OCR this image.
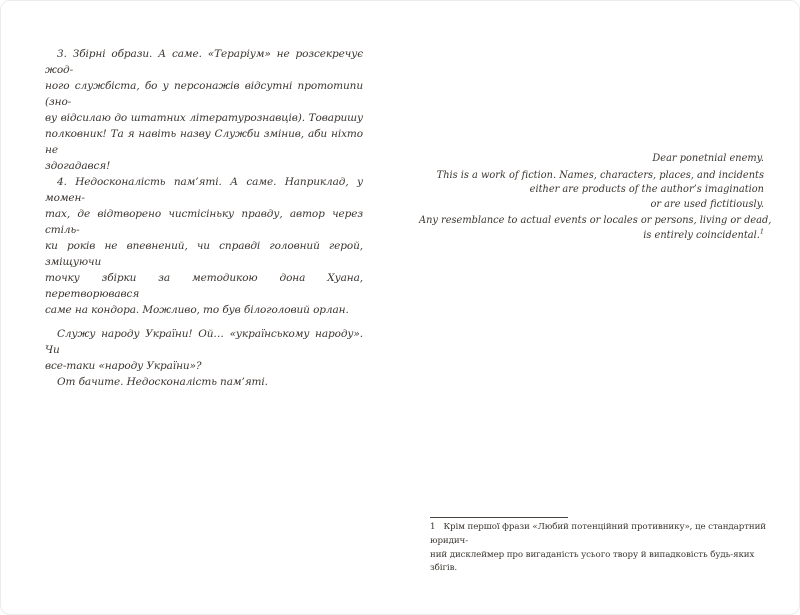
3. Збірні образи. А саме. «Тераріум» не розсекречує жод-
ного службіста, бо у персонажів відсутні прототипи (зно-
ву відсилаю до штатних літературознавців). Товаришу
полковник! Та я навіть назву Служби змінив, аби ніхто не
здогадався!
4. Недосконалість пам’яті. А саме. Наприклад, у момен-
тах, де відтворено чистісіньку правду, автор через стіль-
ки років не впевнений, чи справді головний герой, зміщуючи
точку збірки за методикою дона Хуана, перетворювався
саме на кондора. Можливо, то був білоголовий орлан.
Служу народу України! Ой… «українському народу». Чи
все-таки «народу України»?
От бачите. Недосконалість пам’яті.
Dear ponetnial enemy.
This is a work of fiction. Names, characters, places, and incidents
either are products of the author’s imagination
or are used fictitiously.
Any resemblance to actual events or locales or persons, living or dead,
is entirely coincidental.$^1$
1 Крім першої фрази «Любий потенційний противнику», це стандартний юридич-
ний дисклеймер про вигаданість усього твору й випадковість будь-яких збігів.
